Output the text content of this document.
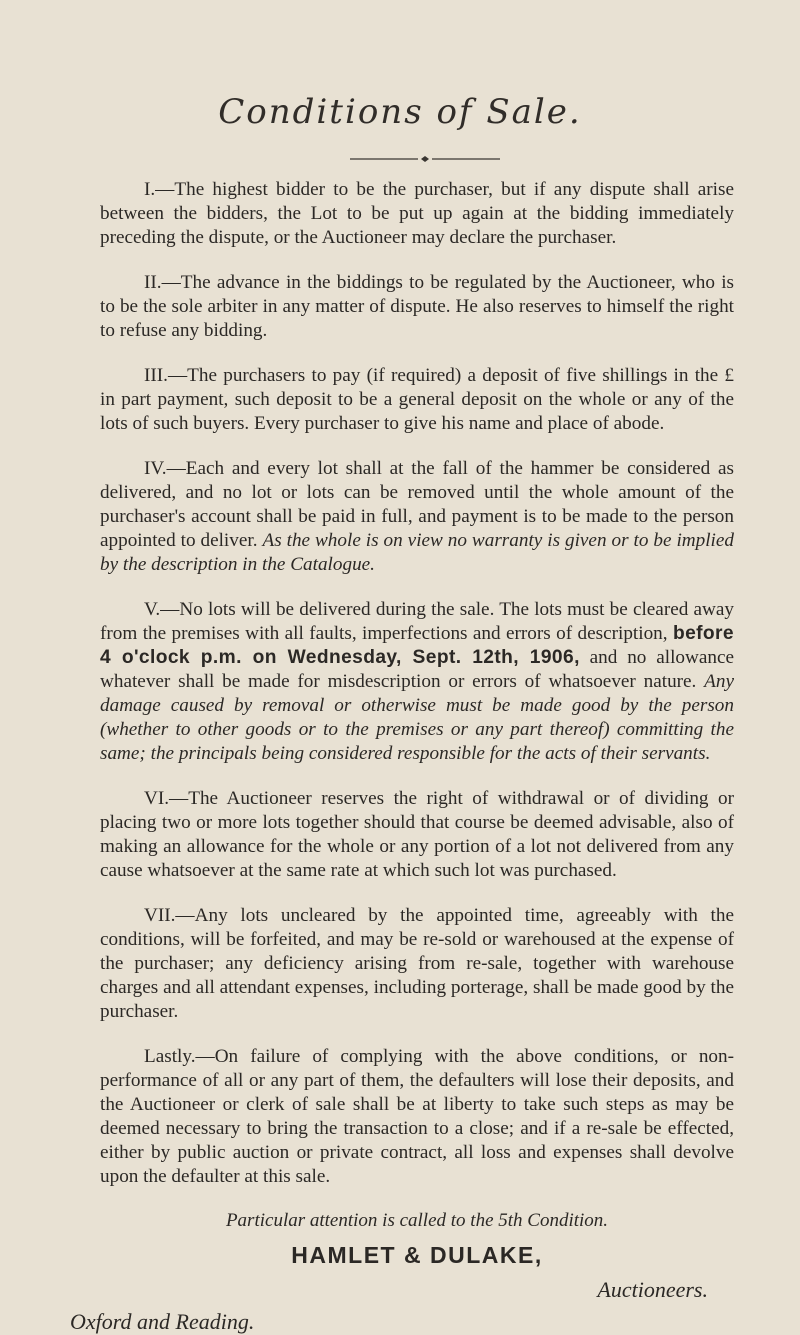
Conditions of Sale.

I.—The highest bidder to be the purchaser, but if any dispute shall arise between the bidders, the Lot to be put up again at the bidding immediately preceding the dispute, or the Auctioneer may declare the purchaser.

II.—The advance in the biddings to be regulated by the Auctioneer, who is to be the sole arbiter in any matter of dispute. He also reserves to himself the right to refuse any bidding.

III.—The purchasers to pay (if required) a deposit of five shillings in the £ in part payment, such deposit to be a general deposit on the whole or any of the lots of such buyers. Every purchaser to give his name and place of abode.

IV.—Each and every lot shall at the fall of the hammer be considered as delivered, and no lot or lots can be removed until the whole amount of the purchaser's account shall be paid in full, and payment is to be made to the person appointed to deliver. As the whole is on view no warranty is given or to be implied by the description in the Catalogue.

V.—No lots will be delivered during the sale. The lots must be cleared away from the premises with all faults, imperfections and errors of description, before 4 o'clock p.m. on Wednesday, Sept. 12th, 1906, and no allowance whatever shall be made for misdescription or errors of whatsoever nature. Any damage caused by removal or otherwise must be made good by the person (whether to other goods or to the premises or any part thereof) committing the same; the principals being considered responsible for the acts of their servants.

VI.—The Auctioneer reserves the right of withdrawal or of dividing or placing two or more lots together should that course be deemed advisable, also of making an allowance for the whole or any portion of a lot not delivered from any cause whatsoever at the same rate at which such lot was purchased.

VII.—Any lots uncleared by the appointed time, agreeably with the conditions, will be forfeited, and may be re-sold or warehoused at the expense of the purchaser; any deficiency arising from re-sale, together with warehouse charges and all attendant expenses, including porterage, shall be made good by the purchaser.

Lastly.—On failure of complying with the above conditions, or non-performance of all or any part of them, the defaulters will lose their deposits, and the Auctioneer or clerk of sale shall be at liberty to take such steps as may be deemed necessary to bring the transaction to a close; and if a re-sale be effected, either by public auction or private contract, all loss and expenses shall devolve upon the defaulter at this sale.

Particular attention is called to the 5th Condition.
HAMLET & DULAKE,
Auctioneers.
Oxford and Reading.
